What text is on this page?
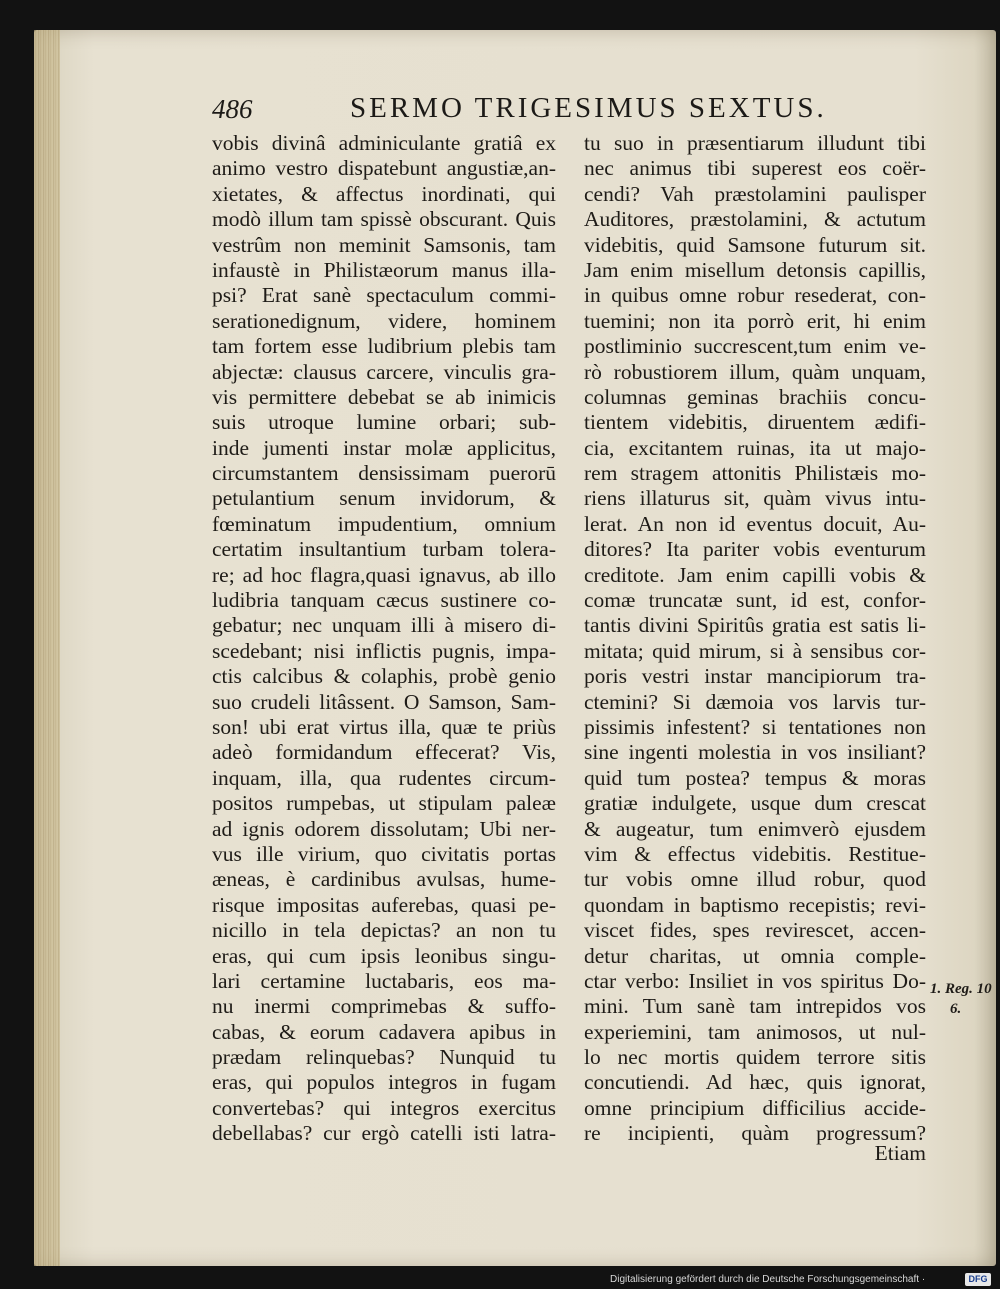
486	SERMO TRIGESIMUS SEXTUS.
vobis divinâ adminiculante gratiâ ex
animo vestro dispatebunt angustiæ,an-
xietates, & affectus inordinati, qui
modò illum tam spissè obscurant. Quis
vestrûm non meminit Samsonis, tam
infaustè in Philistæorum manus illa-
psi? Erat sanè spectaculum commi-
serationedignum, videre, hominem
tam fortem esse ludibrium plebis tam
abjectæ: clausus carcere, vinculis gra-
vis permittere debebat se ab inimicis
suis utroque lumine orbari; sub-
inde jumenti instar molæ applicitus,
circumstantem densissimam puerorū
petulantium senum invidorum, &
fœminatum impudentium, omnium
certatim insultantium turbam tolera-
re; ad hoc flagra,quasi ignavus, ab illo
ludibria tanquam cæcus sustinere co-
gebatur; nec unquam illi à misero di-
scedebant; nisi inflictis pugnis, impa-
ctis calcibus & colaphis, probè genio
suo crudeli litâssent. O Samson, Sam-
son! ubi erat virtus illa, quæ te priùs
adeò formidandum effecerat? Vis,
inquam, illa, qua rudentes circum-
positos rumpebas, ut stipulam paleæ
ad ignis odorem dissolutam; Ubi ner-
vus ille virium, quo civitatis portas
æneas, è cardinibus avulsas, hume-
risque impositas auferebas, quasi pe-
nicillo in tela depictas? an non tu
eras, qui cum ipsis leonibus singu-
lari certamine luctabaris, eos ma-
nu inermi comprimebas & suffo-
cabas, & eorum cadavera apibus in
prædam relinquebas? Nunquid tu
eras, qui populos integros in fugam
convertebas? qui integros exercitus
debellabas? cur ergò catelli isti latra-
tu suo in præsentiarum illudunt tibi
nec animus tibi superest eos coër-
cendi? Vah præstolamini paulisper
Auditores, præstolamini, & actutum
videbitis, quid Samsone futurum sit.
Jam enim misellum detonsis capillis,
in quibus omne robur resederat, con-
tuemini; non ita porrò erit, hi enim
postliminio succrescent,tum enim ve-
rò robustiorem illum, quàm unquam,
columnas geminas brachiis concu-
tientem videbitis, diruentem ædifi-
cia, excitantem ruinas, ita ut majo-
rem stragem attonitis Philistæis mo-
riens illaturus sit, quàm vivus intu-
lerat. An non id eventus docuit, Au-
ditores? Ita pariter vobis eventurum
creditote. Jam enim capilli vobis &
comæ truncatæ sunt, id est, confor-
tantis divini Spiritûs gratia est satis li-
mitata; quid mirum, si à sensibus cor-
poris vestri instar mancipiorum tra-
ctemini? Si dæmoia vos larvis tur-
pissimis infestent? si tentationes non
sine ingenti molestia in vos insiliant?
quid tum postea? tempus & moras
gratiæ indulgete, usque dum crescat
& augeatur, tum enimverò ejusdem
vim & effectus videbitis. Restitue-
tur vobis omne illud robur, quod
quondam in baptismo recepistis; revi-
viscet fides, spes revirescet, accen-
detur charitas, ut omnia comple-
ctar verbo: Insiliet in vos spiritus Do-
mini. Tum sanè tam intrepidos vos
experiemini, tam animosos, ut nul-
lo nec mortis quidem terrore sitis
concutiendi. Ad hæc, quis ignorat,
omne principium difficilius accide-
re incipienti, quàm progressum?
Etiam
1. Reg. 10
6.
Digitalisierung gefördert durch die Deutsche Forschungsgemeinschaft ·	DFG
